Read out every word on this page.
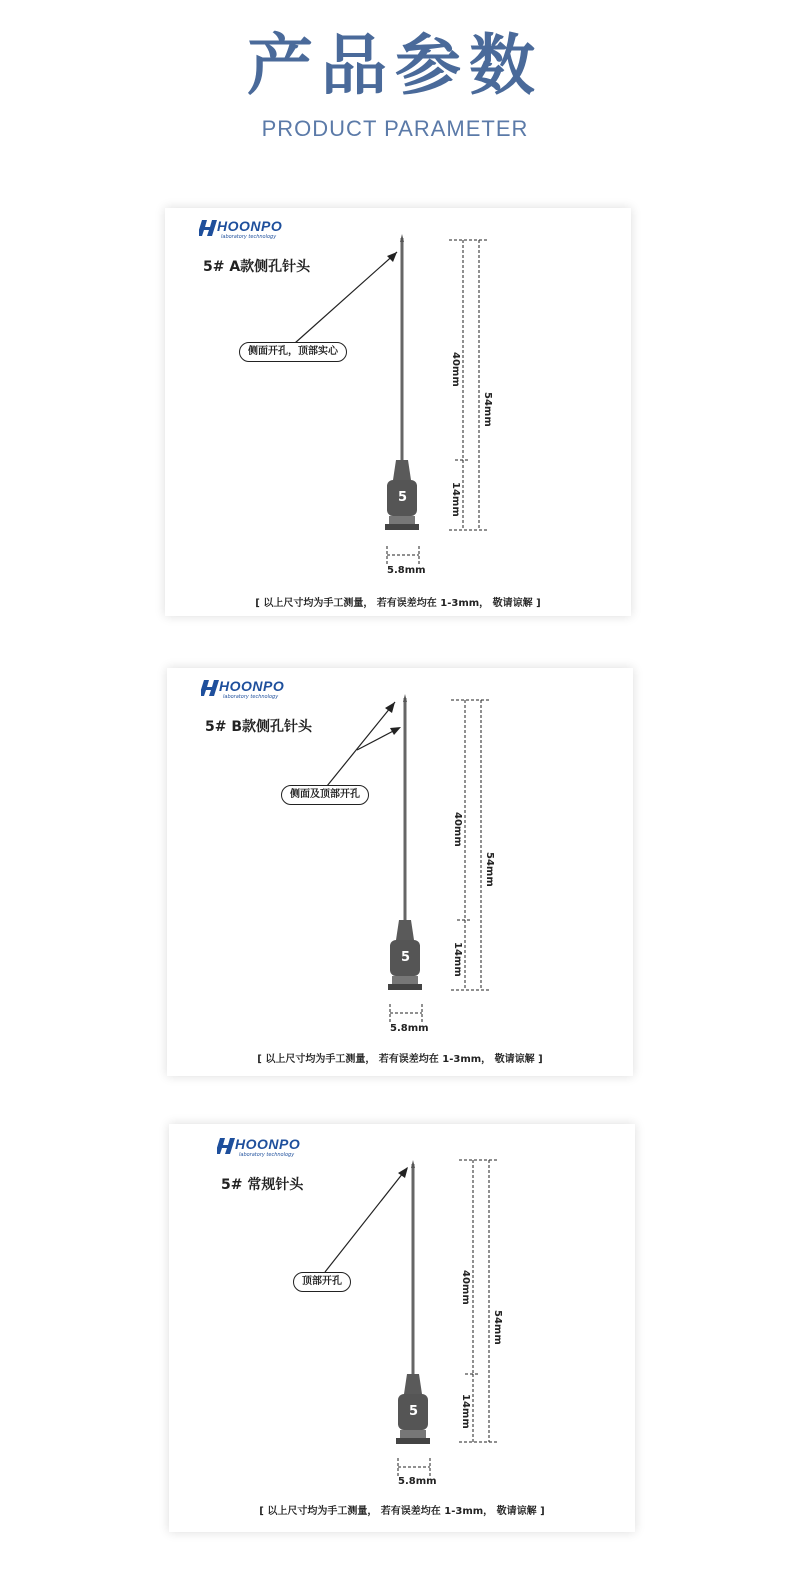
产品参数
PRODUCT PARAMETER
HOONPO
laboratory technology
5# A款侧孔针头
侧面开孔，顶部实心
5
40mm
54mm
14mm
5.8mm
[ 以上尺寸均为手工测量， 若有误差均在 1-3mm， 敬请谅解 ]
HOONPO
laboratory technology
5# B款侧孔针头
侧面及顶部开孔
5
40mm
54mm
14mm
5.8mm
[ 以上尺寸均为手工测量， 若有误差均在 1-3mm， 敬请谅解 ]
HOONPO
laboratory technology
5# 常规针头
顶部开孔
5
40mm
54mm
14mm
5.8mm
[ 以上尺寸均为手工测量， 若有误差均在 1-3mm， 敬请谅解 ]
